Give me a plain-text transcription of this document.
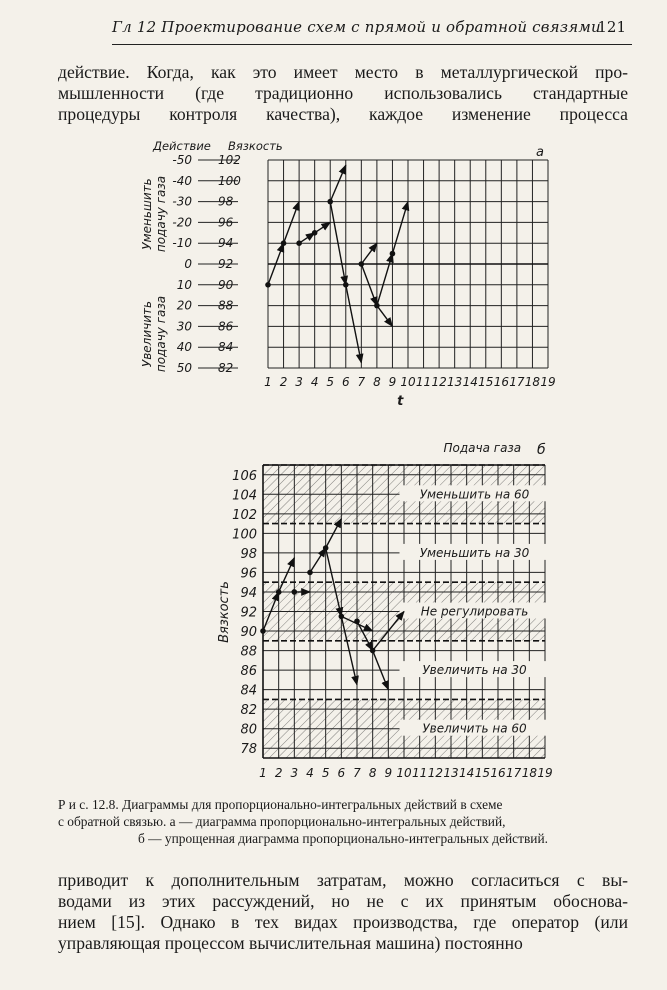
Гл 12 Проектирование схем с прямой и обратной связями
121
действие. Когда, как это имеет место в металлургической про-
мышленности (где традиционно использовались стандартные
процедуры контроля качества), каждое изменение процесса
102
-50
100
-40
98
-30
96
-20
94
-10
92
0
90
10
88
20
86
30
84
40
82
50
Действие Вязкость	а
Уменьшить подачу газа
Увеличить подачу газа
1 2 3 4 5 6 7 8 9 10 11 12 13 14 15 16 17 18 19
t
106
104
102
100
98
96
94
92
90
88
86
84
82
80
78
Вязкость
Подача газа б
Уменьшить на 60
Уменьшить на 30
Не регулировать
Увеличить на 30
Увеличить на 60
1 2 3 4 5 6 7 8 9 10 11 12 13 14 15 16 17 18 19
Р и с. 12.8. Диаграммы для пропорционально-интегральных действий в схеме
с обратной связью. а — диаграмма пропорционально-интегральных действий,
б — упрощенная диаграмма пропорционально-интегральных действий.
приводит к дополнительным затратам, можно согласиться с вы-
водами из этих рассуждений, но не с их принятым обоснова-
нием [15]. Однако в тех видах производства, где оператор (или
управляющая процессом вычислительная машина) постоянно
